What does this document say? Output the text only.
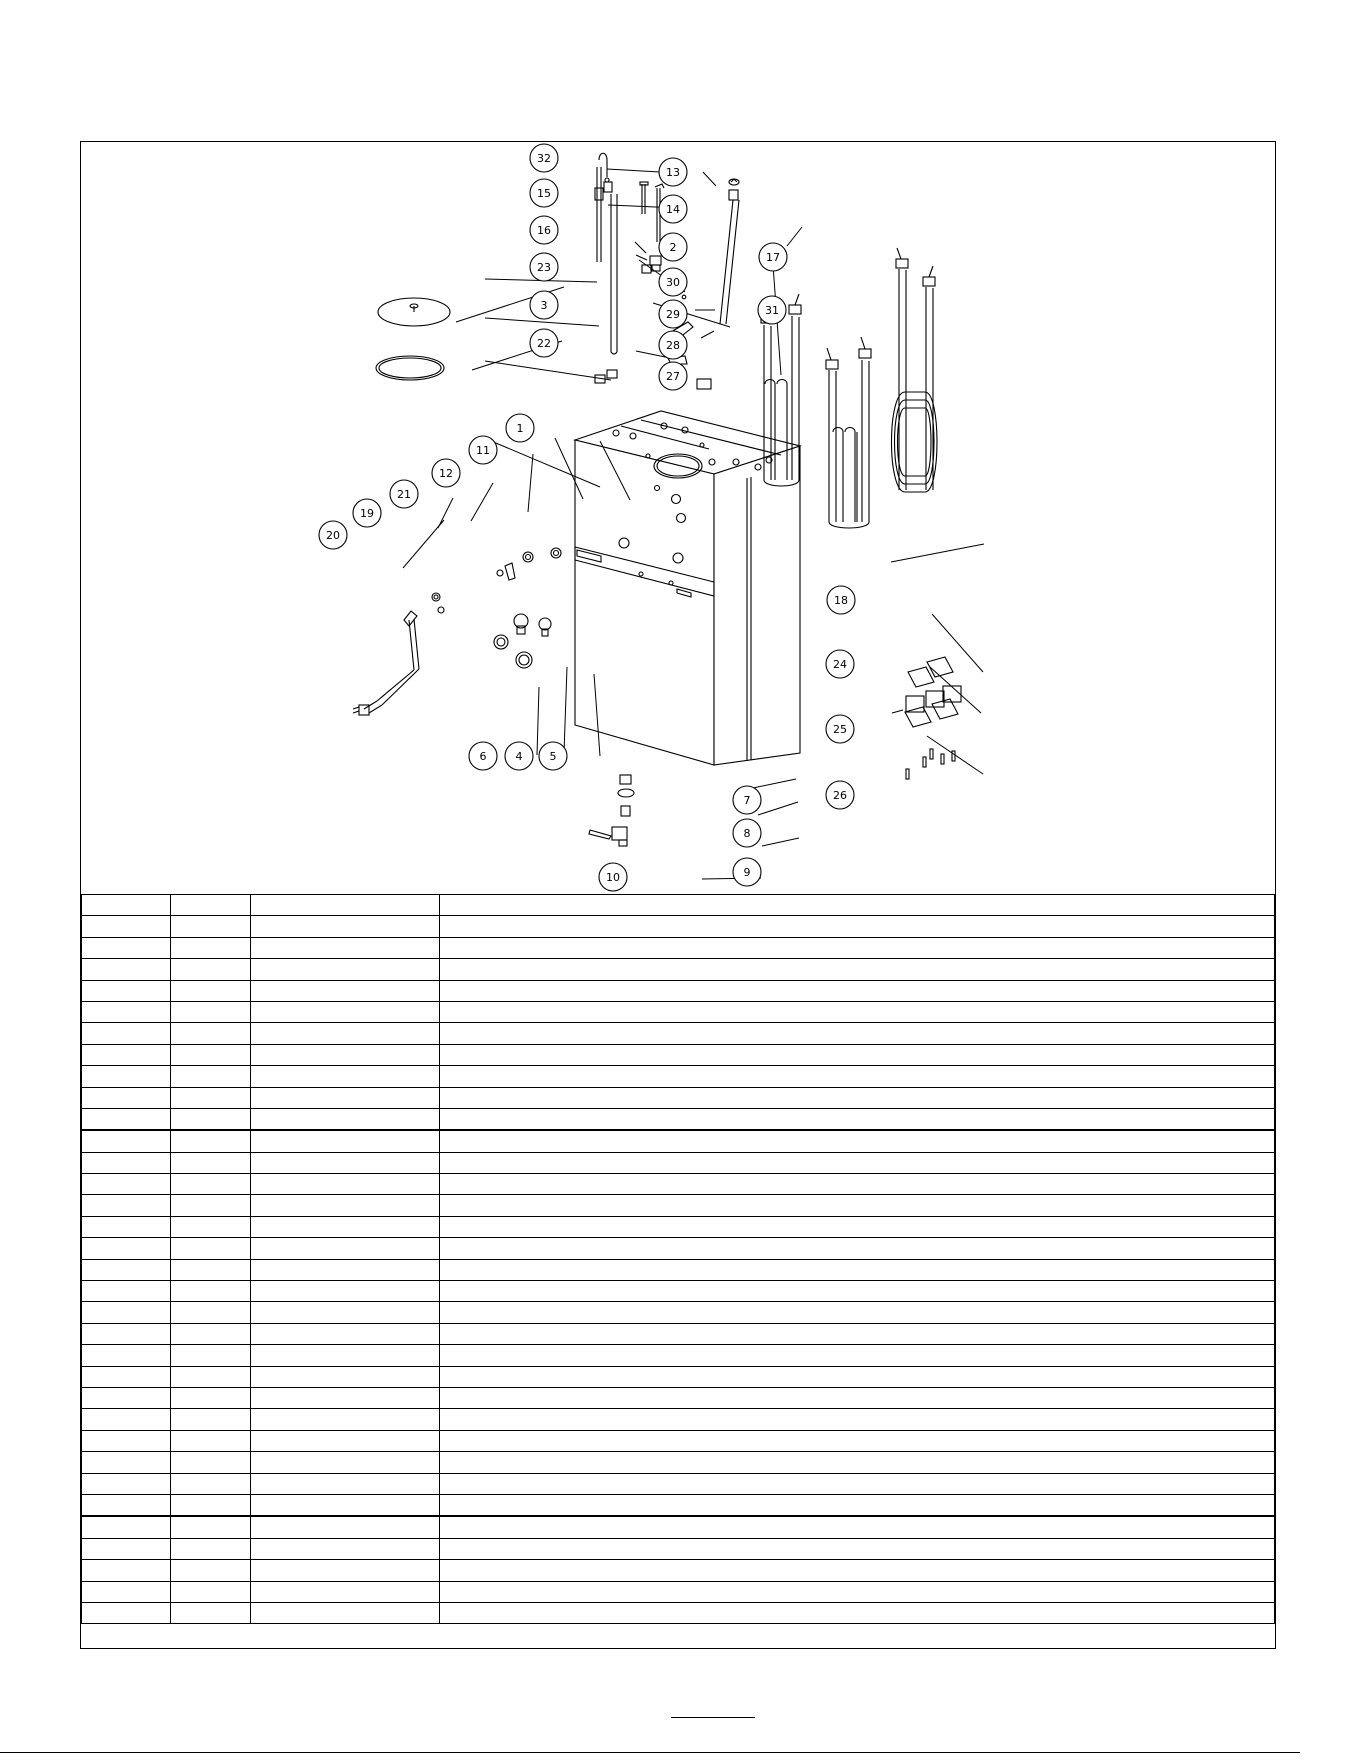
32
15
16
23
3
22
13
14
2
30
29
28
27
17
31
1
11
12
21
19
20
18
24
25
26
6	4 5
7
8
9
10
